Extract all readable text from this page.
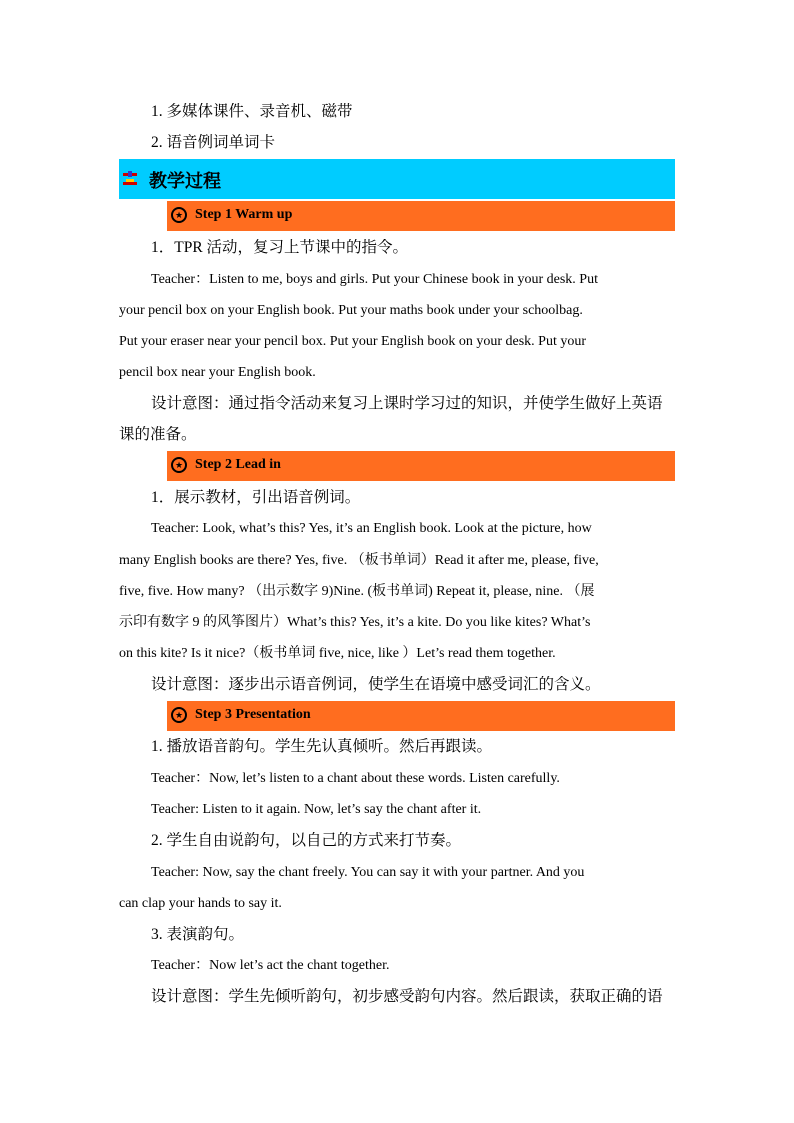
1. 多媒体课件、录音机、磁带
2. 语音例词单词卡
教学过程
★ Step 1 Warm up
1．TPR 活动，复习上节课中的指令。
Teacher：Listen to me, boys and girls. Put your Chinese book in your desk. Put
your pencil box on your English book. Put your maths book under your schoolbag.
Put your eraser near your pencil box. Put your English book on your desk. Put your
pencil box near your English book.
设计意图：通过指令活动来复习上课时学习过的知识，并使学生做好上英语
课的准备。
★ Step 2 Lead in
1．展示教材，引出语音例词。
Teacher: Look, what’s this? Yes, it’s an English book. Look at the picture, how
many English books are there? Yes, five. （板书单词）Read it after me, please, five,
five, five. How many? （出示数字 9)Nine. (板书单词) Repeat it, please, nine. （展
示印有数字 9 的风筝图片）What’s this? Yes, it’s a kite. Do you like kites? What’s
on this kite? Is it nice?（板书单词 five, nice, like ）Let’s read them together.
设计意图：逐步出示语音例词，使学生在语境中感受词汇的含义。
★ Step 3 Presentation
1. 播放语音韵句。学生先认真倾听。然后再跟读。
Teacher：Now, let’s listen to a chant about these words. Listen carefully.
Teacher: Listen to it again. Now, let’s say the chant after it.
2. 学生自由说韵句，以自己的方式来打节奏。
Teacher: Now, say the chant freely. You can say it with your partner. And you
can clap your hands to say it.
3. 表演韵句。
Teacher：Now let’s act the chant together.
设计意图：学生先倾听韵句，初步感受韵句内容。然后跟读，获取正确的语
